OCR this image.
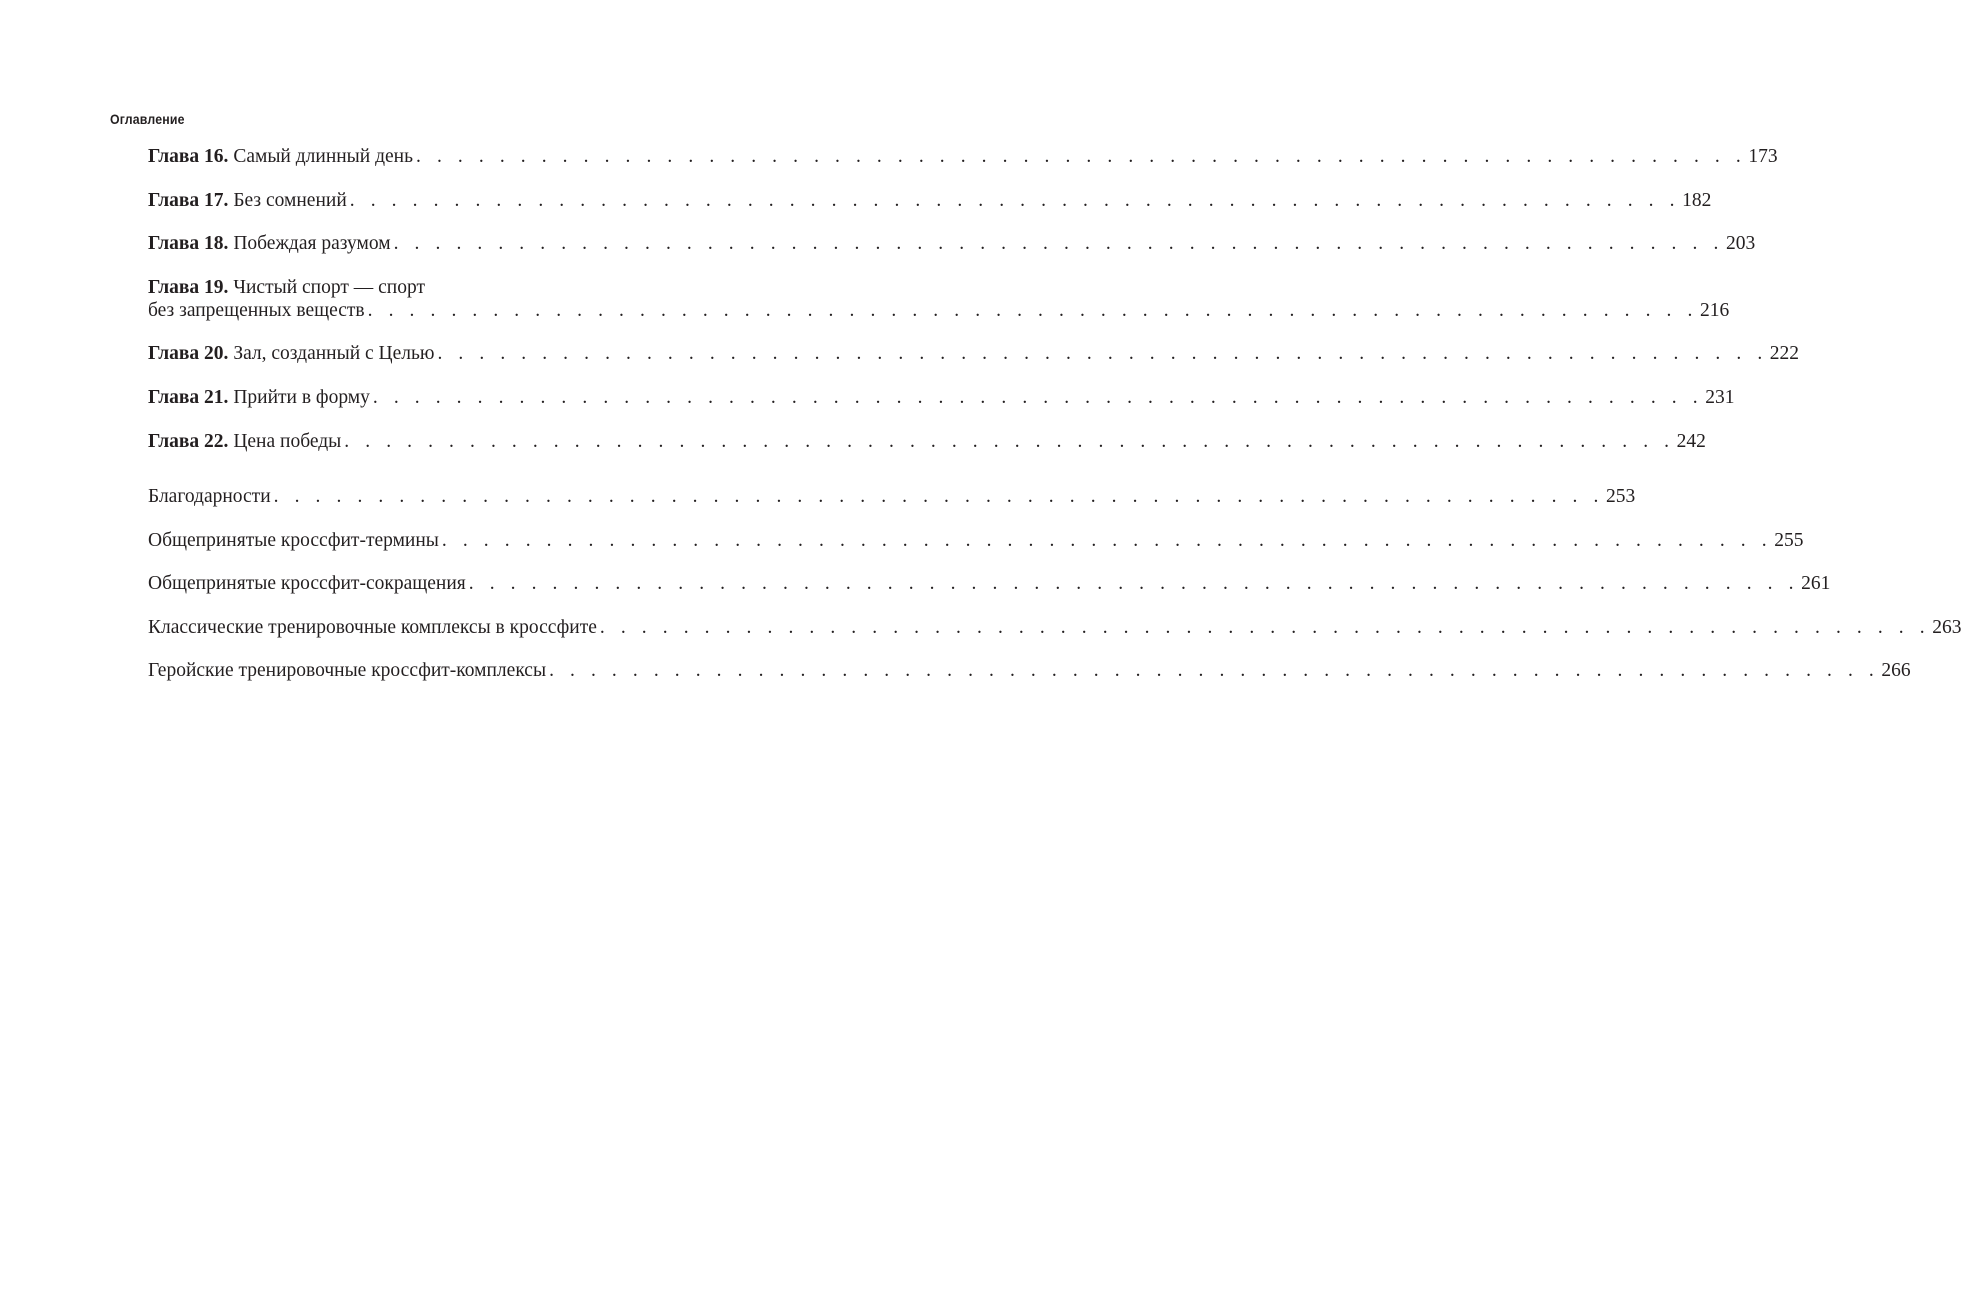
Оглавление
Глава 16. Самый длинный день . . . . . . . . . . . . . . . . . . . . . . . . . . . . . . . . . . . . . . . . . . . . . . . . . . . . . . . . . . . . . . . . 173
Глава 17. Без сомнений . . . . . . . . . . . . . . . . . . . . . . . . . . . . . . . . . . . . . . . . . . . . . . . . . . . . . . . . . . . . . . . . 182
Глава 18. Побеждая разумом . . . . . . . . . . . . . . . . . . . . . . . . . . . . . . . . . . . . . . . . . . . . . . . . . . . . . . . . . . . . . . . . 203
Глава 19. Чистый спорт — спорт
без запрещенных веществ . . . . . . . . . . . . . . . . . . . . . . . . . . . . . . . . . . . . . . . . . . . . . . . . . . . . . . . . . . . . . . . . 216
Глава 20. Зал, созданный с Целью . . . . . . . . . . . . . . . . . . . . . . . . . . . . . . . . . . . . . . . . . . . . . . . . . . . . . . . . . . . . . . . . 222
Глава 21. Прийти в форму . . . . . . . . . . . . . . . . . . . . . . . . . . . . . . . . . . . . . . . . . . . . . . . . . . . . . . . . . . . . . . . . 231
Глава 22. Цена победы . . . . . . . . . . . . . . . . . . . . . . . . . . . . . . . . . . . . . . . . . . . . . . . . . . . . . . . . . . . . . . . . 242
Благодарности . . . . . . . . . . . . . . . . . . . . . . . . . . . . . . . . . . . . . . . . . . . . . . . . . . . . . . . . . . . . . . . . 253
Общепринятые кроссфит-термины . . . . . . . . . . . . . . . . . . . . . . . . . . . . . . . . . . . . . . . . . . . . . . . . . . . . . . . . . . . . . . . . 255
Общепринятые кроссфит-сокращения . . . . . . . . . . . . . . . . . . . . . . . . . . . . . . . . . . . . . . . . . . . . . . . . . . . . . . . . . . . . . . . . 261
Классические тренировочные комплексы в кроссфите . . . . . . . . . . . . . . . . . . . . . . . . . . . . . . . . . . . . . . . . . . . . . . . . . . . . . . . . . . . . . . . . 263
Геройские тренировочные кроссфит-комплексы . . . . . . . . . . . . . . . . . . . . . . . . . . . . . . . . . . . . . . . . . . . . . . . . . . . . . . . . . . . . . . . . 266
